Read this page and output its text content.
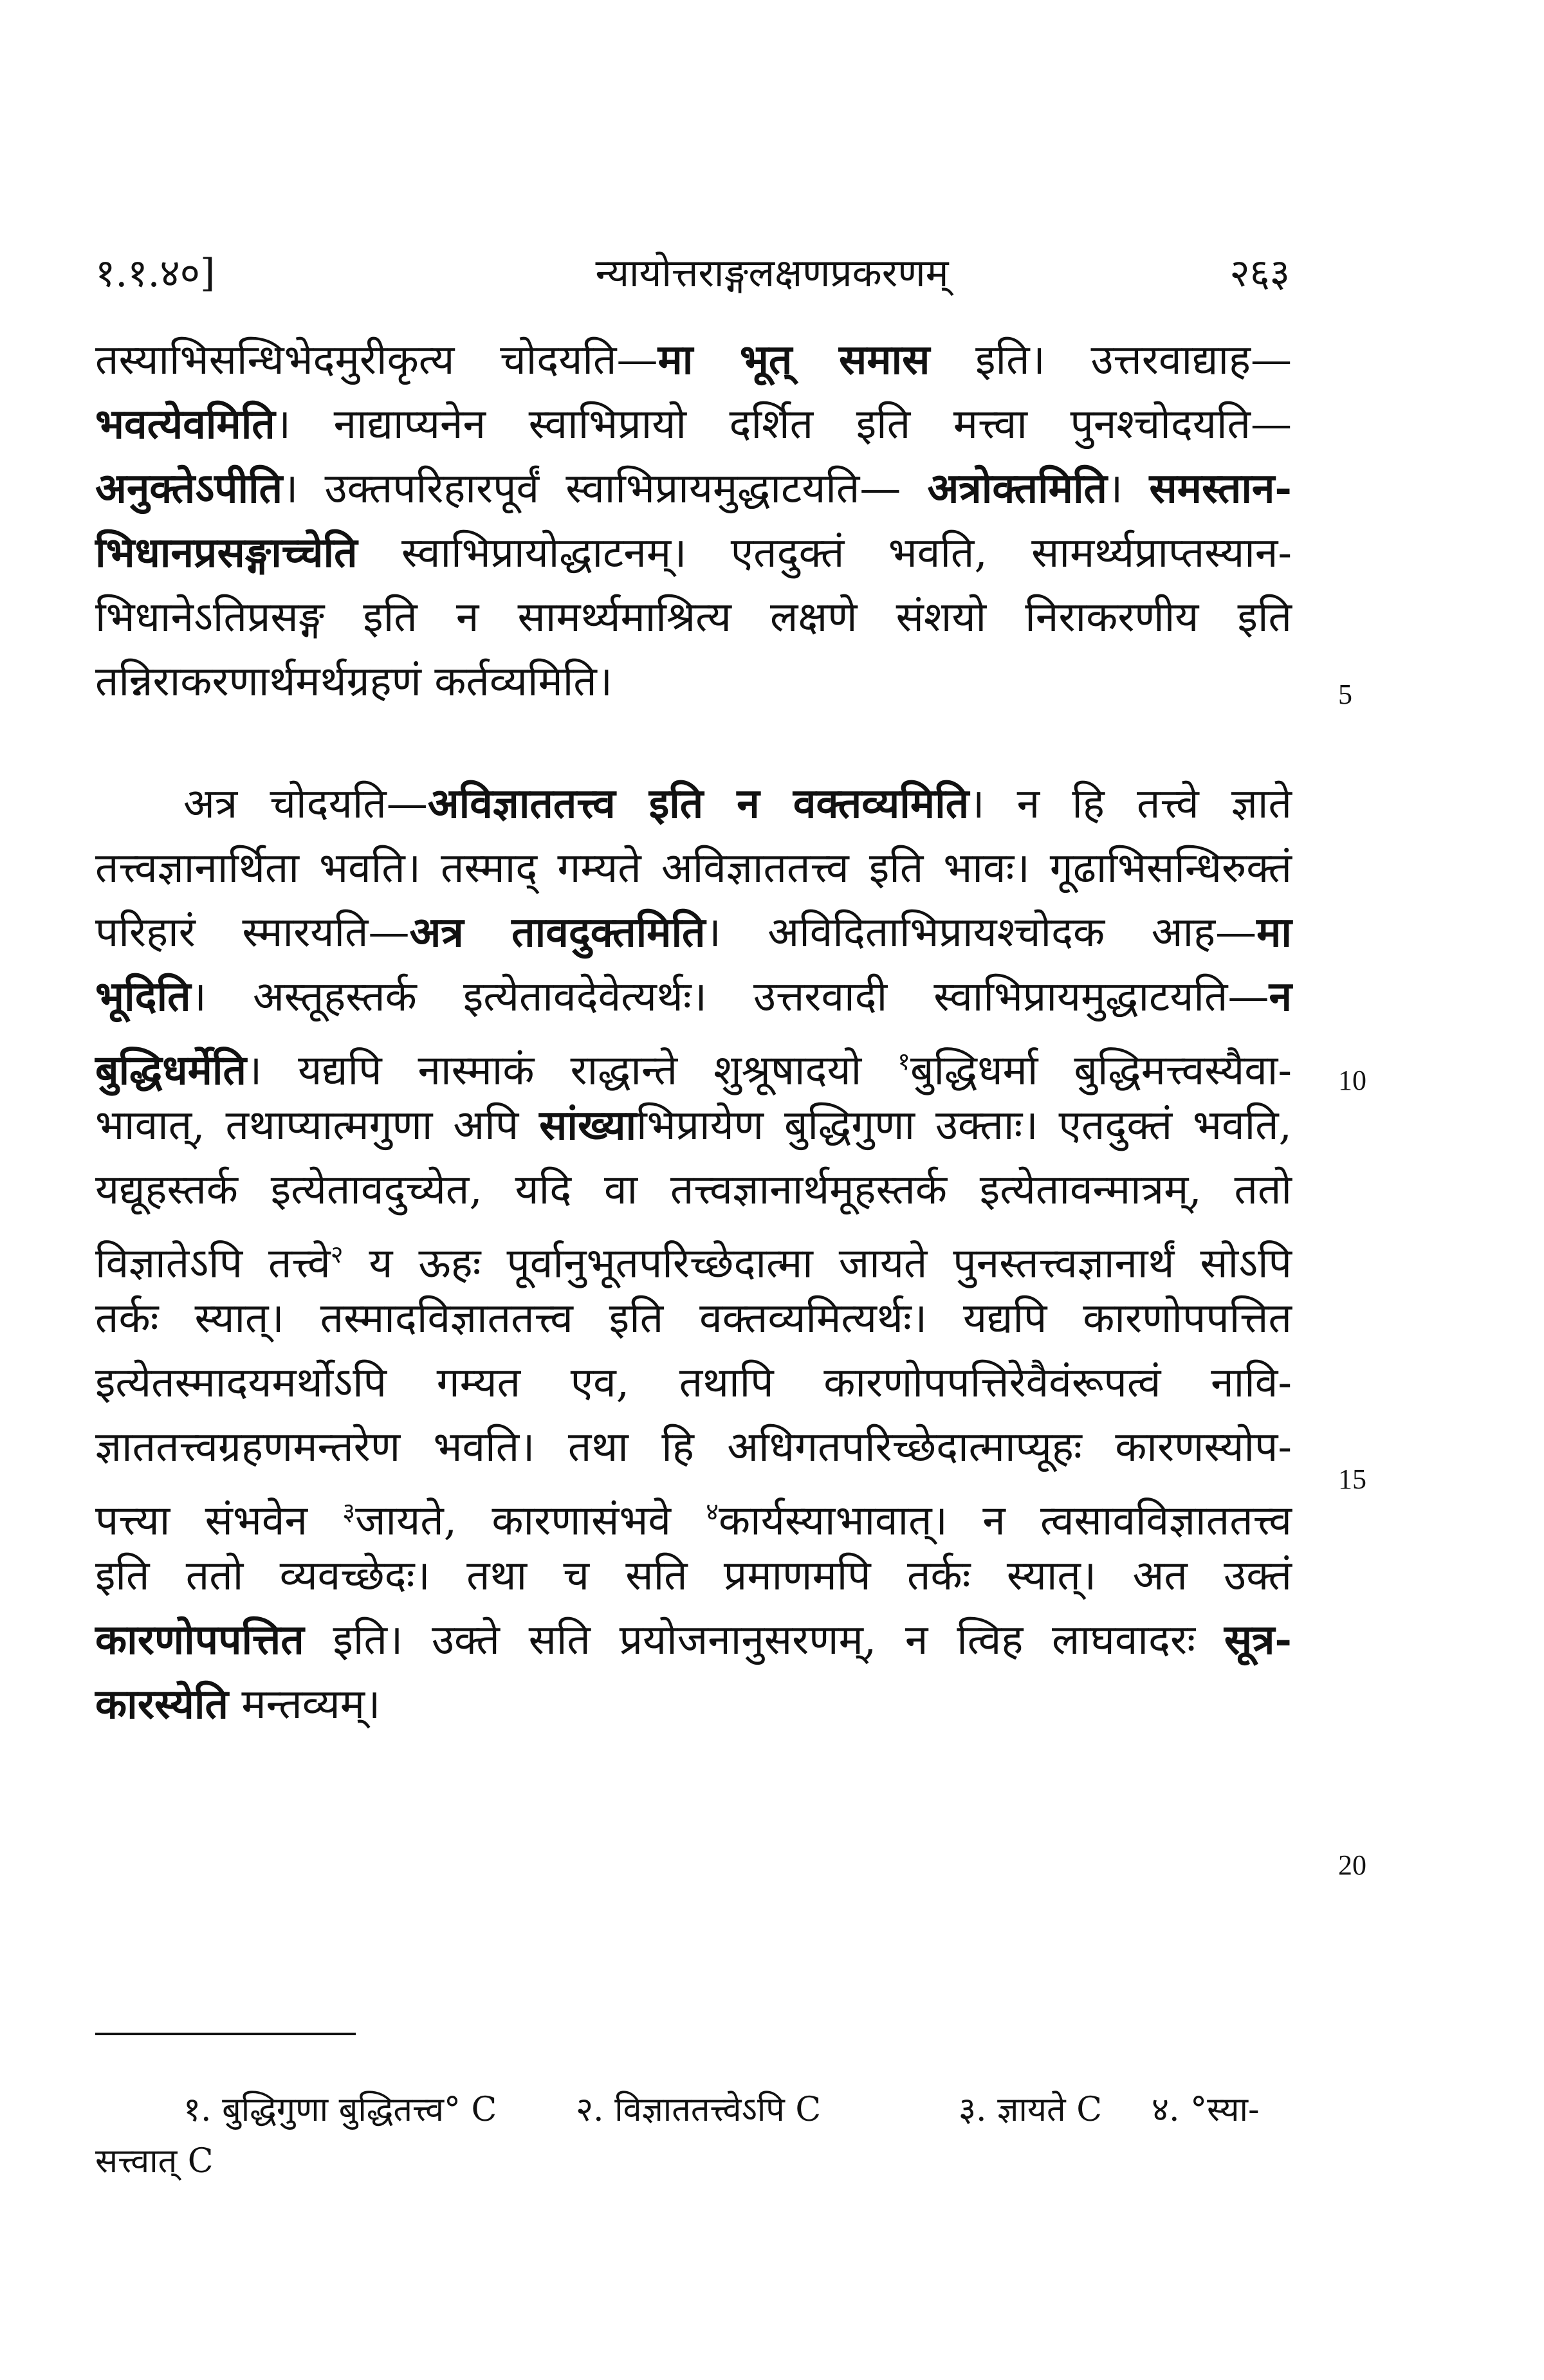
१.१.४०]	न्यायोत्तराङ्गलक्षणप्रकरणम्	२६३
तस्याभिसन्धिभेदमुरीकृत्य चोदयति—मा भूत् समास इति। उत्तरवाद्याह—
भवत्येवमिति। नाद्याप्यनेन स्वाभिप्रायो दर्शित इति मत्त्वा पुनश्चोदयति—
अनुक्तेऽपीति। उक्तपरिहारपूर्वं स्वाभिप्रायमुद्धाटयति— अत्रोक्तमिति। समस्तान-
भिधानप्रसङ्गाच्चेति स्वाभिप्रायोद्धाटनम्। एतदुक्तं भवति, सामर्थ्यप्राप्तस्यान-
भिधानेऽतिप्रसङ्ग इति न सामर्थ्यमाश्रित्य लक्षणे संशयो निराकरणीय इति
तन्निराकरणार्थमर्थग्रहणं कर्तव्यमिति।
अत्र चोदयति—अविज्ञाततत्त्व इति न वक्तव्यमिति। न हि तत्त्वे ज्ञाते
तत्त्वज्ञानार्थिता भवति। तस्माद् गम्यते अविज्ञाततत्त्व इति भावः। गूढाभिसन्धिरुक्तं
परिहारं स्मारयति—अत्र तावदुक्तमिति। अविदिताभिप्रायश्चोदक आह—मा
भूदिति। अस्तूहस्तर्क इत्येतावदेवेत्यर्थः। उत्तरवादी स्वाभिप्रायमुद्धाटयति—न
बुद्धिधर्मेति। यद्यपि नास्माकं राद्धान्ते शुश्रूषादयो $^१$बुद्धिधर्मा बुद्धिमत्त्वस्यैवा-
भावात्, तथाप्यात्मगुणा अपि सांख्याभिप्रायेण बुद्धिगुणा उक्ताः। एतदुक्तं भवति,
यद्यूहस्तर्क इत्येतावदुच्येत, यदि वा तत्त्वज्ञानार्थमूहस्तर्क इत्येतावन्मात्रम्, ततो
विज्ञातेऽपि तत्त्वे$^२$ य ऊहः पूर्वानुभूतपरिच्छेदात्मा जायते पुनस्तत्त्वज्ञानार्थं सोऽपि
तर्कः स्यात्। तस्मादविज्ञाततत्त्व इति वक्तव्यमित्यर्थः। यद्यपि कारणोपपत्तित
इत्येतस्मादयमर्थोऽपि गम्यत एव, तथापि कारणोपपत्तिरेवैवंरूपत्वं नावि-
ज्ञाततत्त्वग्रहणमन्तरेण भवति। तथा हि अधिगतपरिच्छेदात्माप्यूहः कारणस्योप-
पत्त्या संभवेन $^३$जायते, कारणासंभवे $^४$कार्यस्याभावात्। न त्वसावविज्ञाततत्त्व
इति ततो व्यवच्छेदः। तथा च सति प्रमाणमपि तर्कः स्यात्। अत उक्तं
कारणोपपत्तित इति। उक्ते सति प्रयोजनानुसरणम्, न त्विह लाघवादरः सूत्र-
कारस्येति मन्तव्यम्।
5
10
15
20
१. बुद्धिगुणा बुद्धितत्त्व° C २. विज्ञाततत्त्वेऽपि C	३. ज्ञायते C ४. °स्या-
सत्त्वात् C
